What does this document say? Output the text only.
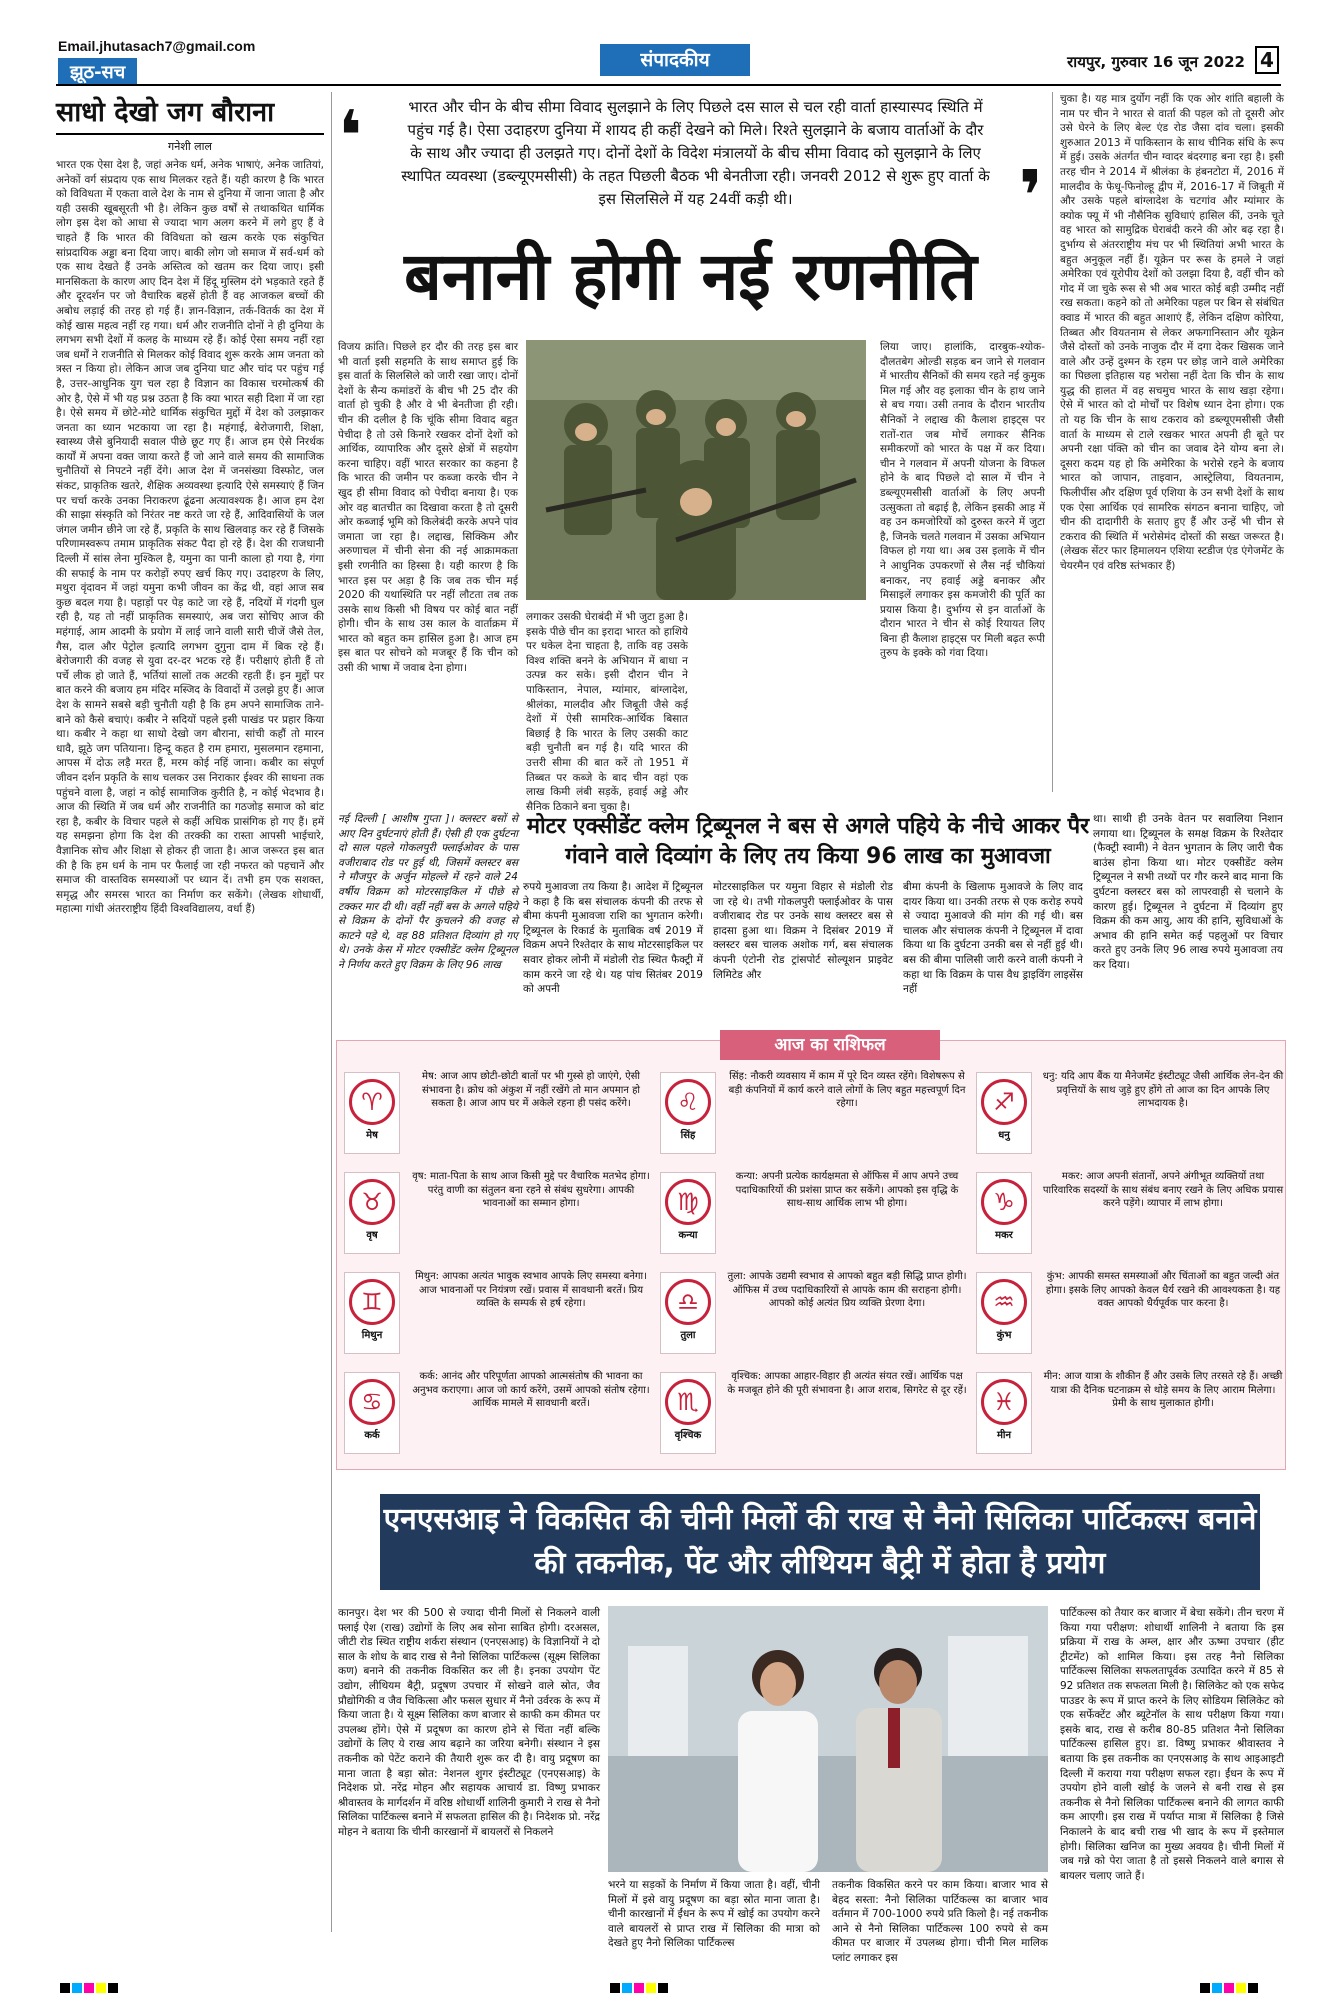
Email.jhutasach7@gmail.com
झूठ-सच
संपादकीय	रायपुर, गुरुवार 16 जून 2022 4
साधो देखो जग बौराना
गनेशी लाल
भारत एक ऐसा देश है, जहां अनेक धर्म, अनेक भाषाएं, अनेक जातियां, अनेकों वर्ग संप्रदाय एक साथ मिलकर रहते हैं। यही कारण है कि भारत को विविधता में एकता वाले देश के नाम से दुनिया में जाना जाता है और यही उसकी खूबसूरती भी है। लेकिन कुछ वर्षों से तथाकथित धार्मिक लोग इस देश को आधा से ज्यादा भाग अलग करने में लगे हुए हैं वे चाहते हैं कि भारत की विविधता को खत्म करके एक संकुचित सांप्रदायिक अड्डा बना दिया जाए। बाकी लोग जो समाज में सर्व-धर्म को एक साथ देखते हैं उनके अस्तित्व को खतम कर दिया जाए। इसी मानसिकता के कारण आए दिन देश में हिंदू मुस्लिम दंगे भड़काते रहते हैं और दूरदर्शन पर जो वैचारिक बहसें होती हैं वह आजकल बच्चों की अबोध लड़ाई की तरह हो गई हैं। ज्ञान-विज्ञान, तर्क-वितर्क का देश में कोई खास महत्व नहीं रह गया। धर्म और राजनीति दोनों ने ही दुनिया के लगभग सभी देशों में कलह के माध्यम रहे हैं। कोई ऐसा समय नहीं रहा जब धर्मों ने राजनीति से मिलकर कोई विवाद शुरू करके आम जनता को त्रस्त न किया हो। लेकिन आज जब दुनिया घाट और चांद पर पहुंच गई है, उत्तर-आधुनिक युग चल रहा है विज्ञान का विकास चरमोत्कर्ष की ओर है, ऐसे में भी यह प्रश्न उठता है कि क्या भारत सही दिशा में जा रहा है। ऐसे समय में छोटे-मोटे धार्मिक संकुचित मुद्दों में देश को उलझाकर जनता का ध्यान भटकाया जा रहा है। महंगाई, बेरोजगारी, शिक्षा, स्वास्थ्य जैसे बुनियादी सवाल पीछे छूट गए हैं। आज हम ऐसे निरर्थक कार्यों में अपना वक्त जाया करते हैं जो आने वाले समय की सामाजिक चुनौतियों से निपटने नहीं देंगे। आज देश में जनसंख्या विस्फोट, जल संकट, प्राकृतिक खतरे, शैक्षिक अव्यवस्था इत्यादि ऐसे समस्याएं हैं जिन पर चर्चा करके उनका निराकरण ढूंढना अत्यावश्यक है। आज हम देश की साझा संस्कृति को निरंतर नष्ट करते जा रहे हैं, आदिवासियों के जल जंगल जमीन छीने जा रहे हैं, प्रकृति के साथ खिलवाड़ कर रहे हैं जिसके परिणामस्वरूप तमाम प्राकृतिक संकट पैदा हो रहे हैं। देश की राजधानी दिल्ली में सांस लेना मुश्किल है, यमुना का पानी काला हो गया है, गंगा की सफाई के नाम पर करोड़ों रुपए खर्च किए गए। उदाहरण के लिए, मथुरा वृंदावन में जहां यमुना कभी जीवन का केंद्र थी, वहां आज सब कुछ बदल गया है। पहाड़ों पर पेड़ काटे जा रहे हैं, नदियों में गंदगी घुल रही है, यह तो नहीं प्राकृतिक समस्याएं, अब जरा सोचिए आज की महंगाई, आम आदमी के प्रयोग में लाई जाने वाली सारी चीजें जैसे तेल, गैस, दाल और पेट्रोल इत्यादि लगभग दुगुना दाम में बिक रहे हैं। बेरोजगारी की वजह से युवा दर-दर भटक रहे हैं। परीक्षाएं होती हैं तो पर्चे लीक हो जाते हैं, भर्तियां सालों तक अटकी रहती हैं। इन मुद्दों पर बात करने की बजाय हम मंदिर मस्जिद के विवादों में उलझे हुए हैं। आज देश के सामने सबसे बड़ी चुनौती यही है कि हम अपने सामाजिक ताने-बाने को कैसे बचाएं। कबीर ने सदियों पहले इसी पाखंड पर प्रहार किया था। कबीर ने कहा था साधो देखो जग बौराना, सांची कहौं तो मारन धावै, झूठे जग पतियाना। हिन्दू कहत है राम हमारा, मुसलमान रहमाना, आपस में दोऊ लड़ै मरत हैं, मरम कोई नहिं जाना। कबीर का संपूर्ण जीवन दर्शन प्रकृति के साथ चलकर उस निराकार ईश्वर की साधना तक पहुंचने वाला है, जहां न कोई सामाजिक कुरीति है, न कोई भेदभाव है। आज की स्थिति में जब धर्म और राजनीति का गठजोड़ समाज को बांट रहा है, कबीर के विचार पहले से कहीं अधिक प्रासंगिक हो गए हैं। हमें यह समझना होगा कि देश की तरक्की का रास्ता आपसी भाईचारे, वैज्ञानिक सोच और शिक्षा से होकर ही जाता है। आज जरूरत इस बात की है कि हम धर्म के नाम पर फैलाई जा रही नफरत को पहचानें और समाज की वास्तविक समस्याओं पर ध्यान दें। तभी हम एक सशक्त, समृद्ध और समरस भारत का निर्माण कर सकेंगे। (लेखक शोधार्थी, महात्मा गांधी अंतरराष्ट्रीय हिंदी विश्वविद्यालय, वर्धा हैं)
❛	भारत और चीन के बीच सीमा विवाद सुलझाने के लिए पिछले दस साल से चल रही वार्ता हास्यास्पद स्थिति में पहुंच गई है। ऐसा उदाहरण दुनिया में शायद ही कहीं देखने को मिले। रिश्ते सुलझाने के बजाय वार्ताओं के दौर के साथ और ज्यादा ही उलझते गए। दोनों देशों के विदेश मंत्रालयों के बीच सीमा विवाद को सुलझाने के लिए स्थापित व्यवस्था (डब्ल्यूएमसीसी) के तहत पिछली बैठक भी बेनतीजा रही। जनवरी 2012 से शुरू हुए वार्ता के इस सिलसिले में यह 24वीं कड़ी थी।	❜
बनानी होगी नई रणनीति
विजय क्रांति। पिछले हर दौर की तरह इस बार भी वार्ता इसी सहमति के साथ समाप्त हुई कि इस वार्ता के सिलसिले को जारी रखा जाए। दोनों देशों के सैन्य कमांडरों के बीच भी 25 दौर की वार्ता हो चुकी है और वे भी बेनतीजा ही रही। चीन की दलील है कि चूंकि सीमा विवाद बहुत पेचीदा है तो उसे किनारे रखकर दोनों देशों को आर्थिक, व्यापारिक और दूसरे क्षेत्रों में सहयोग करना चाहिए। वहीं भारत सरकार का कहना है कि भारत की जमीन पर कब्जा करके चीन ने खुद ही सीमा विवाद को पेचीदा बनाया है। एक ओर वह बातचीत का दिखावा करता है तो दूसरी ओर कब्जाई भूमि को किलेबंदी करके अपने पांव जमाता जा रहा है। लद्दाख, सिक्किम और अरुणाचल में चीनी सेना की नई आक्रामकता इसी रणनीति का हिस्सा है। यही कारण है कि भारत इस पर अड़ा है कि जब तक चीन मई 2020 की यथास्थिति पर नहीं लौटता तब तक उसके साथ किसी भी विषय पर कोई बात नहीं होगी। चीन के साथ उस काल के वार्ताक्रम में भारत को बहुत कम हासिल हुआ है। आज हम इस बात पर सोचने को मजबूर हैं कि चीन को उसी की भाषा में जवाब देना होगा।
लगाकर उसकी घेराबंदी में भी जुटा हुआ है। इसके पीछे चीन का इरादा भारत को हाशिये पर धकेल देना चाहता है, ताकि वह उसके विश्व शक्ति बनने के अभियान में बाधा न उत्पन्न कर सके। इसी दौरान चीन ने पाकिस्तान, नेपाल, म्यांमार, बांग्लादेश, श्रीलंका, मालदीव और जिबूती जैसे कई देशों में ऐसी सामरिक-आर्थिक बिसात बिछाई है कि भारत के लिए उसकी काट बड़ी चुनौती बन गई है। यदि भारत की उत्तरी सीमा की बात करें तो 1951 में तिब्बत पर कब्जे के बाद चीन वहां एक लाख किमी लंबी सड़कें, हवाई अड्डे और सैनिक ठिकाने बना चुका है।
लिया जाए। हालांकि, दारबुक-श्योक-दौलतबेग ओल्डी सड़क बन जाने से गलवान में भारतीय सैनिकों की समय रहते नई कुमुक मिल गई और वह इलाका चीन के हाथ जाने से बच गया। उसी तनाव के दौरान भारतीय सैनिकों ने लद्दाख की कैलाश हाइट्स पर रातों-रात जब मोर्चे लगाकर सैनिक समीकरणों को भारत के पक्ष में कर दिया। चीन ने गलवान में अपनी योजना के विफल होने के बाद पिछले दो साल में चीन ने डब्ल्यूएमसीसी वार्ताओं के लिए अपनी उत्सुकता तो बढ़ाई है, लेकिन इसकी आड़ में वह उन कमजोरियों को दुरुस्त करने में जुटा है, जिनके चलते गलवान में उसका अभियान विफल हो गया था। अब उस इलाके में चीन ने आधुनिक उपकरणों से लैस नई चौकियां बनाकर, नए हवाई अड्डे बनाकर और मिसाइलें लगाकर इस कमजोरी की पूर्ति का प्रयास किया है। दुर्भाग्य से इन वार्ताओं के दौरान भारत ने चीन से कोई रियायत लिए बिना ही कैलाश हाइट्स पर मिली बढ़त रूपी तुरुप के इक्के को गंवा दिया।
चुका है। यह मात्र दुर्योग नहीं कि एक ओर शांति बहाली के नाम पर चीन ने भारत से वार्ता की पहल को तो दूसरी ओर उसे घेरने के लिए बेल्ट एंड रोड जैसा दांव चला। इसकी शुरुआत 2013 में पाकिस्तान के साथ चीनिक संधि के रूप में हुई। उसके अंतर्गत चीन ग्वादर बंदरगाह बना रहा है। इसी तरह चीन ने 2014 में श्रीलंका के हंबनटोटा में, 2016 में मालदीव के फेधू-फिनोल्हू द्वीप में, 2016-17 में जिबूती में और उसके पहले बांग्लादेश के चटगांव और म्यांमार के क्योक फ्यू में भी नौसैनिक सुविधाएं हासिल कीं, उनके चूते वह भारत को सामुद्रिक घेराबंदी करने की ओर बढ़ रहा है। दुर्भाग्य से अंतरराष्ट्रीय मंच पर भी स्थितियां अभी भारत के बहुत अनुकूल नहीं हैं। यूक्रेन पर रूस के हमले ने जहां अमेरिका एवं यूरोपीय देशों को उलझा दिया है, वहीं चीन को गोद में जा चुके रूस से भी अब भारत कोई बड़ी उम्मीद नहीं रख सकता। कहने को तो अमेरिका पहल पर बिन से संबंधित क्वाड में भारत की बहुत आशाएं हैं, लेकिन दक्षिण कोरिया, तिब्बत और वियतनाम से लेकर अफगानिस्तान और यूक्रेन जैसे दोस्तों को उनके नाजुक दौर में दगा देकर खिसक जाने वाले और उन्हें दुश्मन के रहम पर छोड़ जाने वाले अमेरिका का पिछला इतिहास यह भरोसा नहीं देता कि चीन के साथ युद्ध की हालत में वह सचमुच भारत के साथ खड़ा रहेगा। ऐसे में भारत को दो मोर्चों पर विशेष ध्यान देना होगा। एक तो यह कि चीन के साथ टकराव को डब्ल्यूएमसीसी जैसी वार्ता के माध्यम से टाले रखकर भारत अपनी ही बूते पर अपनी रक्षा पंक्ति को चीन का जवाब देने योग्य बना ले। दूसरा कदम यह हो कि अमेरिका के भरोसे रहने के बजाय भारत को जापान, ताइवान, आस्ट्रेलिया, वियतनाम, फिलीपींस और दक्षिण पूर्व एशिया के उन सभी देशों के साथ एक ऐसा आर्थिक एवं सामरिक संगठन बनाना चाहिए, जो चीन की दादागीरी के सताए हुए हैं और उन्हें भी चीन से टकराव की स्थिति में भरोसेमंद दोस्तों की सख्त जरूरत है। (लेखक सेंटर फार हिमालयन एशिया स्टडीज एंड एंगेजमेंट के चेयरमैन एवं वरिष्ठ स्तंभकार हैं)
नई दिल्ली [ आशीष गुप्ता ]। क्लस्टर बसों से आए दिन दुर्घटनाएं होती हैं। ऐसी ही एक दुर्घटना दो साल पहले गोकलपुरी फ्लाईओवर के पास वजीराबाद रोड पर हुई थी, जिसमें क्लस्टर बस ने मौजपुर के अर्जुन मोहल्ले में रहने वाले 24 वर्षीय विक्रम को मोटरसाइकिल में पीछे से टक्कर मार दी थी। वहीं नहीं बस के अगले पहिये से विक्रम के दोनों पैर कुचलने की वजह से काटने पड़े थे, वह 88 प्रतिशत दिव्यांग हो गए थे। उनके केस में मोटर एक्सीडेंट क्लेम ट्रिब्यूनल ने निर्णय करते हुए विक्रम के लिए 96 लाख
मोटर एक्सीडेंट क्लेम ट्रिब्यूनल ने बस से अगले पहिये के नीचे आकर पैर गंवाने वाले दिव्यांग के लिए तय किया 96 लाख का मुआवजा
रुपये मुआवजा तय किया है। आदेश में ट्रिब्यूनल ने कहा है कि बस संचालक कंपनी की तरफ से बीमा कंपनी मुआवजा राशि का भुगतान करेगी। ट्रिब्यूनल के रिकार्ड के मुताबिक वर्ष 2019 में विक्रम अपने रिश्तेदार के साथ मोटरसाइकिल पर सवार होकर लोनी में मंडोली रोड स्थित फैक्ट्री में काम करने जा रहे थे। यह पांच सितंबर 2019 को अपनी
मोटरसाइकिल पर यमुना विहार से मंडोली रोड जा रहे थे। तभी गोकलपुरी फ्लाईओवर के पास वजीराबाद रोड पर उनके साथ क्लस्टर बस से हादसा हुआ था। विक्रम ने दिसंबर 2019 में क्लस्टर बस चालक अशोक गर्ग, बस संचालक कंपनी एंटोनी रोड ट्रांसपोर्ट सोल्यूशन प्राइवेट लिमिटेड और
बीमा कंपनी के खिलाफ मुआवजे के लिए वाद दायर किया था। उनकी तरफ से एक करोड़ रुपये से ज्यादा मुआवजे की मांग की गई थी। बस चालक और संचालक कंपनी ने ट्रिब्यूनल में दावा किया था कि दुर्घटना उनकी बस से नहीं हुई थी। बस की बीमा पालिसी जारी करने वाली कंपनी ने कहा था कि विक्रम के पास वैध ड्राइविंग लाइसेंस नहीं
था। साथी ही उनके वेतन पर सवालिया निशान लगाया था। ट्रिब्यूनल के समक्ष विक्रम के रिश्तेदार (फैक्ट्री स्वामी) ने वेतन भुगतान के लिए जारी चैक बाउंस होना किया था। मोटर एक्सीडेंट क्लेम ट्रिब्यूनल ने सभी तथ्यों पर गौर करने बाद माना कि दुर्घटना क्लस्टर बस को लापरवाही से चलाने के कारण हुई। ट्रिब्यूनल ने दुर्घटना में दिव्यांग हुए विक्रम की कम आयु, आय की हानि, सुविधाओं के अभाव की हानि समेत कई पहलुओं पर विचार करते हुए उनके लिए 96 लाख रुपये मुआवजा तय कर दिया।
आज का राशिफल
♈
मेष
मेष: आज आप छोटी-छोटी बातों पर भी गुस्से हो जाएंगे, ऐसी संभावना है। क्रोध को अंकुश में नहीं रखेंगे तो मान अपमान हो सकता है। आज आप घर में अकेले रहना ही पसंद करेंगे।
♉
वृष
वृष: माता-पिता के साथ आज किसी मुद्दे पर वैचारिक मतभेद होगा। परंतु वाणी का संतुलन बना रहने से संबंध सुधरेगा। आपकी भावनाओं का सम्मान होगा।
♊
मिथुन
मिथुन: आपका अत्यंत भावुक स्वभाव आपके लिए समस्या बनेगा। आज भावनाओं पर नियंत्रण रखें। प्रवास में सावधानी बरतें। प्रिय व्यक्ति के सम्पर्क से हर्ष रहेगा।
♋
कर्क
कर्क: आनंद और परिपूर्णता आपको आत्मसंतोष की भावना का अनुभव कराएगा। आज जो कार्य करेंगे, उसमें आपको संतोष रहेगा। आर्थिक मामले में सावधानी बरतें।
♌
सिंह
सिंह: नौकरी व्यवसाय में काम में पूरे दिन व्यस्त रहेंगे। विशेषरूप से बड़ी कंपनियों में कार्य करने वाले लोगों के लिए बहुत महत्त्वपूर्ण दिन रहेगा।
♍
कन्या
कन्या: अपनी प्रत्येक कार्यक्षमता से ऑफिस में आप अपने उच्च पदाधिकारियों की प्रशंसा प्राप्त कर सकेंगे। आपको इस वृद्धि के साथ-साथ आर्थिक लाभ भी होगा।
♎
तुला
तुला: आपके उद्यमी स्वभाव से आपको बहुत बड़ी सिद्धि प्राप्त होगी। ऑफिस में उच्च पदाधिकारियों से आपके काम की सराहना होगी। आपको कोई अत्यंत प्रिय व्यक्ति प्रेरणा देगा।
♏
वृश्चिक
वृश्चिक: आपका आहार-विहार ही अत्यंत संयत रखें। आर्थिक पक्ष के मजबूत होने की पूरी संभावना है। आज शराब, सिगरेट से दूर रहें।
♐
धनु
धनु: यदि आप बैंक या मैनेजमेंट इंस्टीट्यूट जैसी आर्थिक लेन-देन की प्रवृत्तियों के साथ जुड़े हुए होंगे तो आज का दिन आपके लिए लाभदायक है।
♑
मकर
मकर: आज अपनी संतानों, अपने अंगीभूत व्यक्तियों तथा पारिवारिक सदस्यों के साथ संबंध बनाए रखने के लिए अधिक प्रयास करने पड़ेंगे। व्यापार में लाभ होगा।
♒
कुंभ
कुंभ: आपकी समस्त समस्याओं और चिंताओं का बहुत जल्दी अंत होगा। इसके लिए आपको केवल धैर्य रखने की आवश्यकता है। यह वक्त आपको धैर्यपूर्वक पार करना है।
♓
मीन
मीन: आज यात्रा के शौकीन हैं और उसके लिए तरसते रहे हैं। अच्छी यात्रा की दैनिक घटनाक्रम से थोड़े समय के लिए आराम मिलेगा। प्रेमी के साथ मुलाकात होगी।
एनएसआइ ने विकसित की चीनी मिलों की राख से नैनो सिलिका पार्टिकल्स बनाने की तकनीक, पेंट और लीथियम बैट्री में होता है प्रयोग
कानपुर। देश भर की 500 से ज्यादा चीनी मिलों से निकलने वाली फ्लाई ऐश (राख) उद्योगों के लिए अब सोना साबित होगी। दरअसल, जीटी रोड स्थित राष्ट्रीय शर्करा संस्थान (एनएसआइ) के विज्ञानियों ने दो साल के शोध के बाद राख से नैनो सिलिका पार्टिकल्स (सूक्ष्म सिलिका कण) बनाने की तकनीक विकसित कर ली है। इनका उपयोग पेंट उद्योग, लीथियम बैट्री, प्रदूषण उपचार में सोखने वाले स्रोत, जैव प्रौद्योगिकी व जैव चिकित्सा और फसल सुधार में नैनो उर्वरक के रूप में किया जाता है। ये सूक्ष्म सिलिका कण बाजार से काफी कम कीमत पर उपलब्ध होंगे। ऐसे में प्रदूषण का कारण होने से चिंता नहीं बल्कि उद्योगों के लिए ये राख आय बढ़ाने का जरिया बनेगी। संस्थान ने इस तकनीक को पेटेंट कराने की तैयारी शुरू कर दी है। वायु प्रदूषण का माना जाता है बड़ा स्रोत: नेशनल शुगर इंस्टीट्यूट (एनएसआइ) के निदेशक प्रो. नरेंद्र मोहन और सहायक आचार्य डा. विष्णु प्रभाकर श्रीवास्तव के मार्गदर्शन में वरिष्ठ शोधार्थी शालिनी कुमारी ने राख से नैनो सिलिका पार्टिकल्स बनाने में सफलता हासिल की है। निदेशक प्रो. नरेंद्र मोहन ने बताया कि चीनी कारखानों में बायलरों से निकलने
भरने या सड़कों के निर्माण में किया जाता है। वहीं, चीनी मिलों में इसे वायु प्रदूषण का बड़ा स्रोत माना जाता है। चीनी कारखानों में ईंधन के रूप में खोई का उपयोग करने वाले बायलरों से प्राप्त राख में सिलिका की मात्रा को देखते हुए नैनो सिलिका पार्टिकल्स
तकनीक विकसित करने पर काम किया। बाजार भाव से बेहद सस्ता: नैनो सिलिका पार्टिकल्स का बाजार भाव वर्तमान में 700-1000 रुपये प्रति किलो है। नई तकनीक आने से नैनो सिलिका पार्टिकल्स 100 रुपये से कम कीमत पर बाजार में उपलब्ध होगा। चीनी मिल मालिक प्लांट लगाकर इस
पार्टिकल्स को तैयार कर बाजार में बेचा सकेंगे। तीन चरण में किया गया परीक्षण: शोधार्थी शालिनी ने बताया कि इस प्रक्रिया में राख के अम्ल, क्षार और ऊष्मा उपचार (हीट ट्रीटमेंट) को शामिल किया। इस तरह नैनो सिलिका पार्टिकल्स सिलिका सफलतापूर्वक उत्पादित करने में 85 से 92 प्रतिशत तक सफलता मिली है। सिलिकेट को एक सफेद पाउडर के रूप में प्राप्त करने के लिए सोडियम सिलिकेट को एक सर्फेक्टेंट और ब्यूटेनॉल के साथ परीक्षण किया गया। इसके बाद, राख से करीब 80-85 प्रतिशत नैनो सिलिका पार्टिकल्स हासिल हुए। डा. विष्णु प्रभाकर श्रीवास्तव ने बताया कि इस तकनीक का एनएसआइ के साथ आइआइटी दिल्ली में कराया गया परीक्षण सफल रहा। ईंधन के रूप में उपयोग होने वाली खोई के जलने से बनी राख से इस तकनीक से नैनो सिलिका पार्टिकल्स बनाने की लागत काफी कम आएगी। इस राख में पर्याप्त मात्रा में सिलिका है जिसे निकालने के बाद बची राख भी खाद के रूप में इस्तेमाल होगी। सिलिका खनिज का मुख्य अवयव है। चीनी मिलों में जब गन्ने को पेरा जाता है तो इससे निकलने वाले बगास से बायलर चलाए जाते हैं।
